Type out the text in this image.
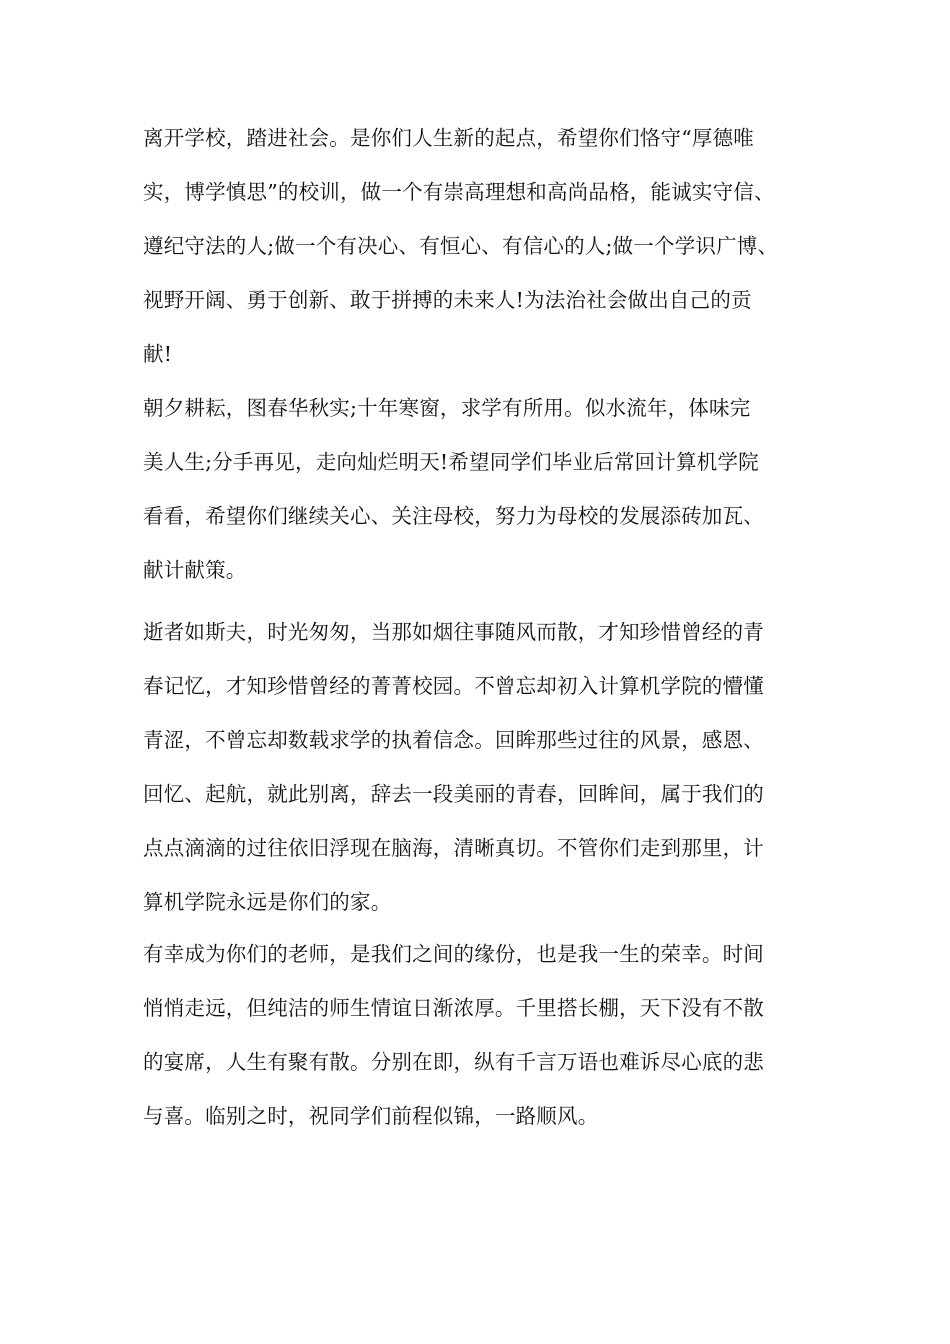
离开学校，踏进社会。是你们人生新的起点，希望你们恪守“厚德唯
实，博学慎思”的校训，做一个有崇高理想和高尚品格，能诚实守信、
遵纪守法的人;做一个有决心、有恒心、有信心的人;做一个学识广博、
视野开阔、勇于创新、敢于拼搏的未来人!为法治社会做出自己的贡
献!
朝夕耕耘，图春华秋实;十年寒窗，求学有所用。似水流年，体味完
美人生;分手再见，走向灿烂明天!希望同学们毕业后常回计算机学院
看看，希望你们继续关心、关注母校，努力为母校的发展添砖加瓦、
献计献策。
逝者如斯夫，时光匆匆，当那如烟往事随风而散，才知珍惜曾经的青
春记忆，才知珍惜曾经的菁菁校园。不曾忘却初入计算机学院的懵懂
青涩，不曾忘却数载求学的执着信念。回眸那些过往的风景，感恩、
回忆、起航，就此别离，辞去一段美丽的青春，回眸间，属于我们的
点点滴滴的过往依旧浮现在脑海，清晰真切。不管你们走到那里，计
算机学院永远是你们的家。
有幸成为你们的老师，是我们之间的缘份，也是我一生的荣幸。时间
悄悄走远，但纯洁的师生情谊日渐浓厚。千里搭长棚，天下没有不散
的宴席，人生有聚有散。分别在即，纵有千言万语也难诉尽心底的悲
与喜。临别之时，祝同学们前程似锦，一路顺风。
